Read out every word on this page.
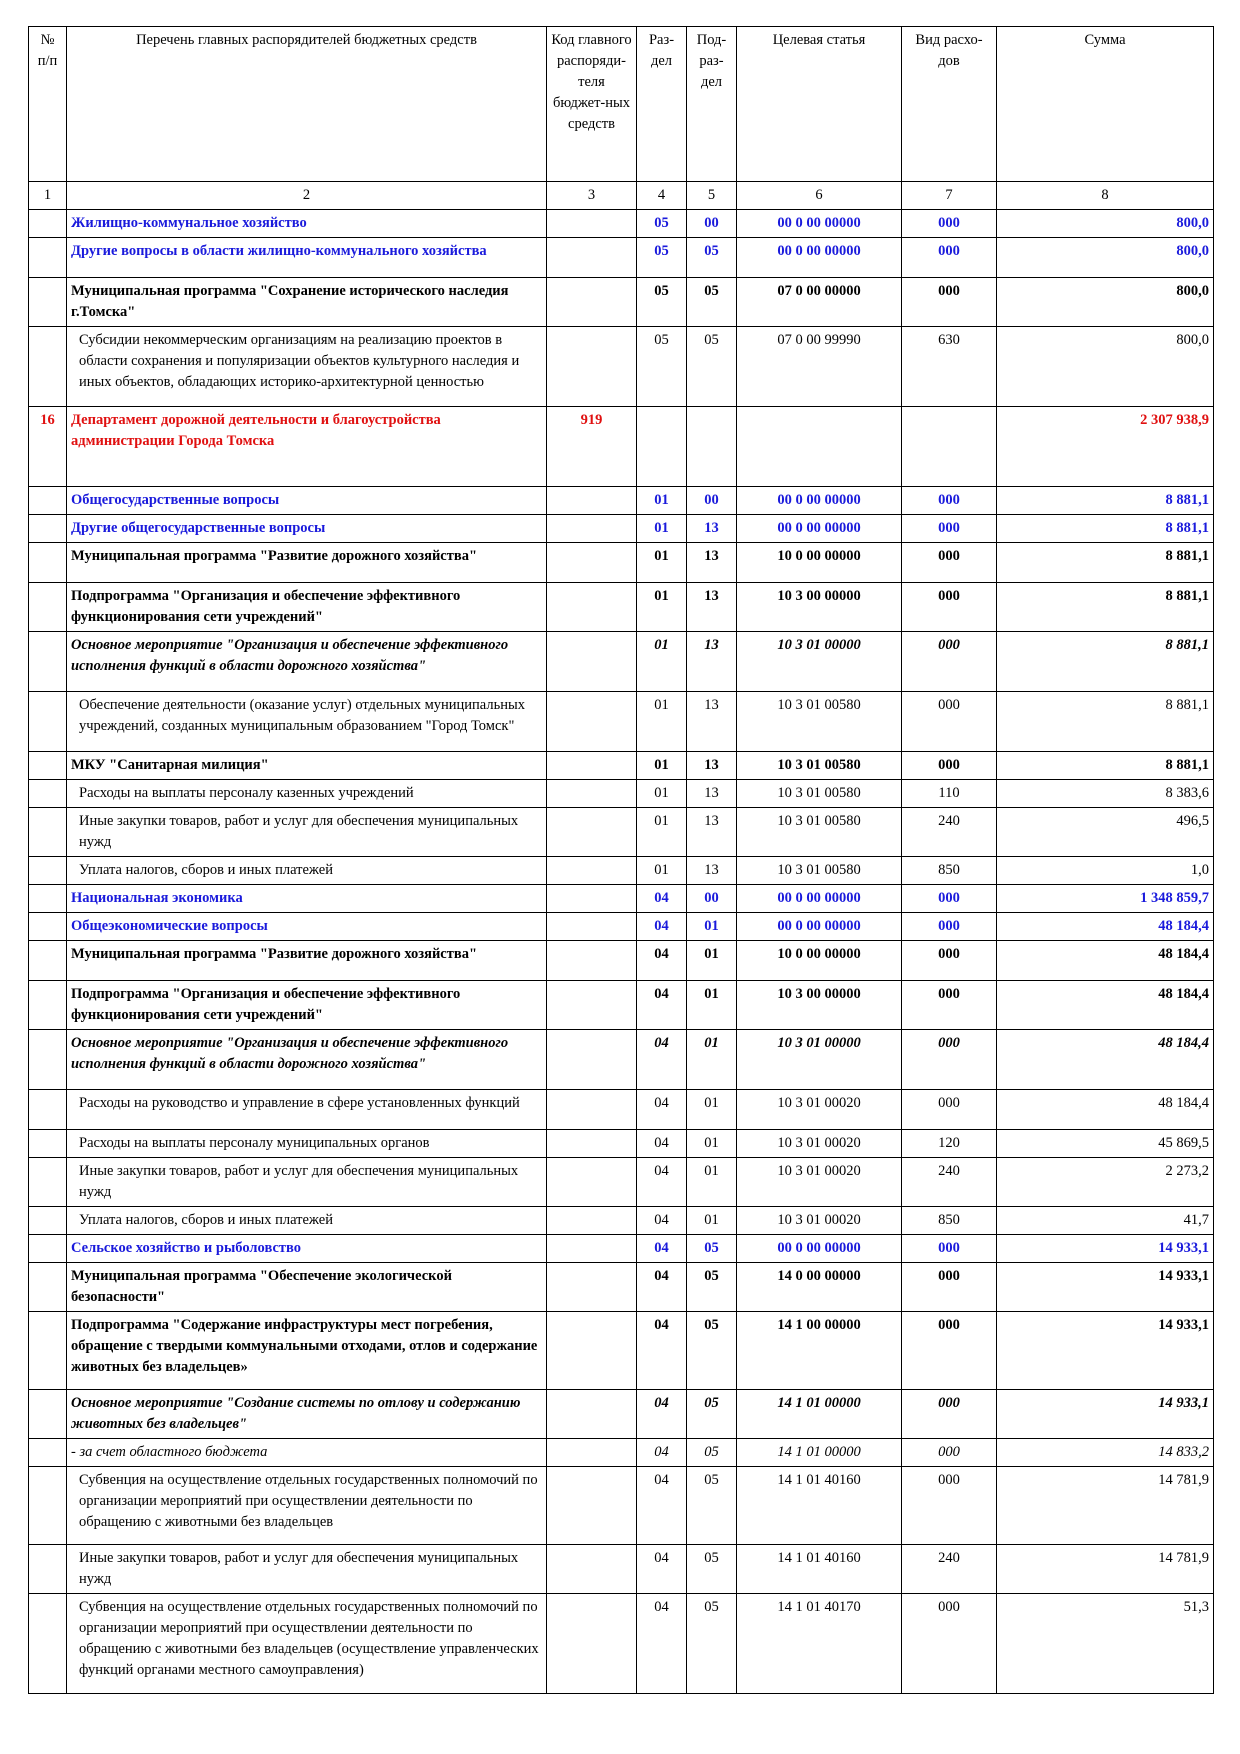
№ п/п	Перечень главных распорядителей бюджетных средств	Код главного распоряди-теля бюджет-ных средств	Раз-дел	Под-раз-дел	Целевая статья	Вид расхо-дов	Сумма
1	2	3	4	5	6	7	8
	Жилищно-коммунальное хозяйство		05	00	00 0 00 00000	000	800,0
	Другие вопросы в области жилищно-коммунального хозяйства		05	05	00 0 00 00000	000	800,0
	Муниципальная программа "Сохранение исторического наследия г.Томска"		05	05	07 0 00 00000	000	800,0
	Субсидии некоммерческим организациям на реализацию проектов в области сохранения и популяризации объектов культурного наследия и иных объектов, обладающих историко-архитектурной ценностью		05	05	07 0 00 99990	630	800,0
16	Департамент дорожной деятельности и благоустройства администрации Города Томска	919					2 307 938,9
	Общегосударственные вопросы		01	00	00 0 00 00000	000	8 881,1
	Другие общегосударственные вопросы		01	13	00 0 00 00000	000	8 881,1
	Муниципальная программа "Развитие дорожного хозяйства"		01	13	10 0 00 00000	000	8 881,1
	Подпрограмма "Организация и обеспечение эффективного функционирования сети учреждений"		01	13	10 3 00 00000	000	8 881,1
	Основное мероприятие "Организация и обеспечение эффективного исполнения функций в области дорожного хозяйства"		01	13	10 3 01 00000	000	8 881,1
	Обеспечение деятельности (оказание услуг) отдельных муниципальных учреждений, созданных муниципальным образованием "Город Томск"		01	13	10 3 01 00580	000	8 881,1
	МКУ "Санитарная милиция"		01	13	10 3 01 00580	000	8 881,1
	Расходы на выплаты персоналу казенных учреждений		01	13	10 3 01 00580	110	8 383,6
	Иные закупки товаров, работ и услуг для обеспечения муниципальных нужд		01	13	10 3 01 00580	240	496,5
	Уплата налогов, сборов и иных платежей		01	13	10 3 01 00580	850	1,0
	Национальная экономика		04	00	00 0 00 00000	000	1 348 859,7
	Общеэкономические вопросы		04	01	00 0 00 00000	000	48 184,4
	Муниципальная программа "Развитие дорожного хозяйства"		04	01	10 0 00 00000	000	48 184,4
	Подпрограмма "Организация и обеспечение эффективного функционирования сети учреждений"		04	01	10 3 00 00000	000	48 184,4
	Основное мероприятие "Организация и обеспечение эффективного исполнения функций в области дорожного хозяйства"		04	01	10 3 01 00000	000	48 184,4
	Расходы на руководство и управление в сфере установленных функций		04	01	10 3 01 00020	000	48 184,4
	Расходы на выплаты персоналу муниципальных органов		04	01	10 3 01 00020	120	45 869,5
	Иные закупки товаров, работ и услуг для обеспечения муниципальных нужд		04	01	10 3 01 00020	240	2 273,2
	Уплата налогов, сборов и иных платежей		04	01	10 3 01 00020	850	41,7
	Сельское хозяйство и рыболовство		04	05	00 0 00 00000	000	14 933,1
	Муниципальная программа "Обеспечение экологической безопасности"		04	05	14 0 00 00000	000	14 933,1
	Подпрограмма "Содержание инфраструктуры мест погребения, обращение с твердыми коммунальными отходами, отлов и содержание животных без владельцев»		04	05	14 1 00 00000	000	14 933,1
	Основное мероприятие "Создание системы по отлову и содержанию животных без владельцев"		04	05	14 1 01 00000	000	14 933,1
	- за счет областного бюджета		04	05	14 1 01 00000	000	14 833,2
	Субвенция на осуществление отдельных государственных полномочий по организации мероприятий при осуществлении деятельности по обращению с животными без владельцев		04	05	14 1 01 40160	000	14 781,9
	Иные закупки товаров, работ и услуг для обеспечения муниципальных нужд		04	05	14 1 01 40160	240	14 781,9
	Субвенция на осуществление отдельных государственных полномочий по организации мероприятий при осуществлении деятельности по обращению с животными без владельцев (осуществление управленческих функций органами местного самоуправления)		04	05	14 1 01 40170	000	51,3
